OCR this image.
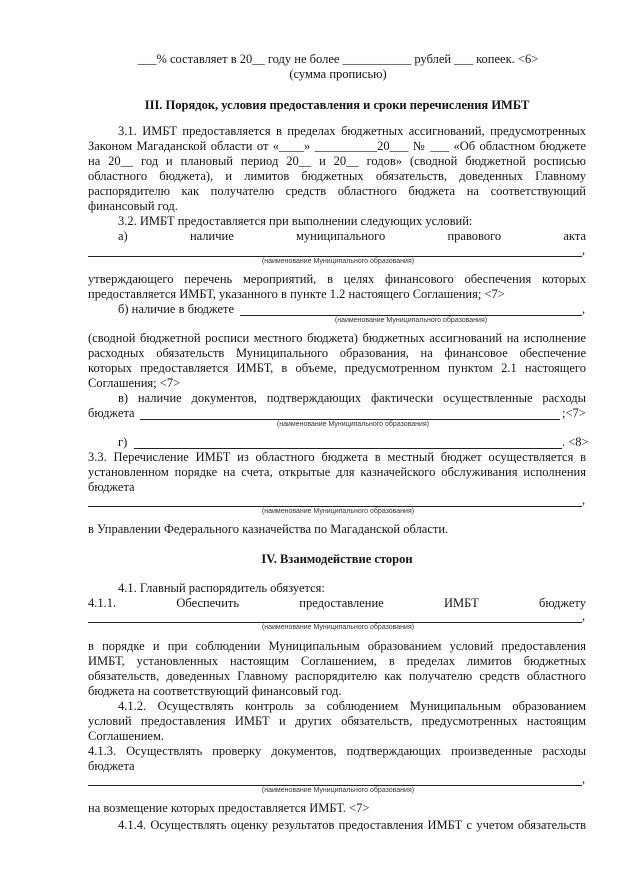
___% составляет в 20__ году не более ___________ рублей ___ копеек. <6>
(сумма прописью)
III. Порядок, условия предоставления и сроки перечисления ИМБТ
3.1. ИМБТ предоставляется в пределах бюджетных ассигнований, предусмотренных
Законом Магаданской области от «____» __________20___ № ___ «Об областном бюджете
на 20__ год и плановый период 20__ и 20__ годов» (сводной бюджетной росписью
областного бюджета), и лимитов бюджетных обязательств, доведенных Главному
распорядителю как получателю средств областного бюджета на соответствующий
финансовый год.
3.2. ИМБТ предоставляется при выполнении следующих условий:
а)	наличие	муниципального	правового	акта
,
(наименование Муниципального образования)
утверждающего перечень мероприятий, в целях финансового обеспечения которых
предоставляется ИМБТ, указанного в пункте 1.2 настоящего Соглашения; <7>
б) наличие в бюджете	,
(наименование Муниципального образования)
(сводной бюджетной росписи местного бюджета) бюджетных ассигнований на исполнение
расходных обязательств Муниципального образования, на финансовое обеспечение
которых предоставляется ИМБТ, в объеме, предусмотренном пунктом 2.1 настоящего
Соглашения; <7>
в) наличие документов, подтверждающих фактически осуществленные расходы
бюджета	;<7>
(наименование Муниципального образования)
г)	. <8>
3.3. Перечисление ИМБТ из областного бюджета в местный бюджет осуществляется в
установленном порядке на счета, открытые для казначейского обслуживания исполнения
бюджета
,
(наименование Муниципального образования)
в Управлении Федерального казначейства по Магаданской области.
IV. Взаимодействие сторон
4.1. Главный распорядитель обязуется:
4.1.1.	Обеспечить	предоставление	ИМБТ	бюджету
,
(наименование Муниципального образования)
в порядке и при соблюдении Муниципальным образованием условий предоставления
ИМБТ, установленных настоящим Соглашением, в пределах лимитов бюджетных
обязательств, доведенных Главному распорядителю как получателю средств областного
бюджета на соответствующий финансовый год.
4.1.2. Осуществлять контроль за соблюдением Муниципальным образованием
условий предоставления ИМБТ и других обязательств, предусмотренных настоящим
Соглашением.
4.1.3. Осуществлять проверку документов, подтверждающих произведенные расходы
бюджета
,
(наименование Муниципального образования)
на возмещение которых предоставляется ИМБТ. <7>
4.1.4. Осуществлять оценку результатов предоставления ИМБТ с учетом обязательств
